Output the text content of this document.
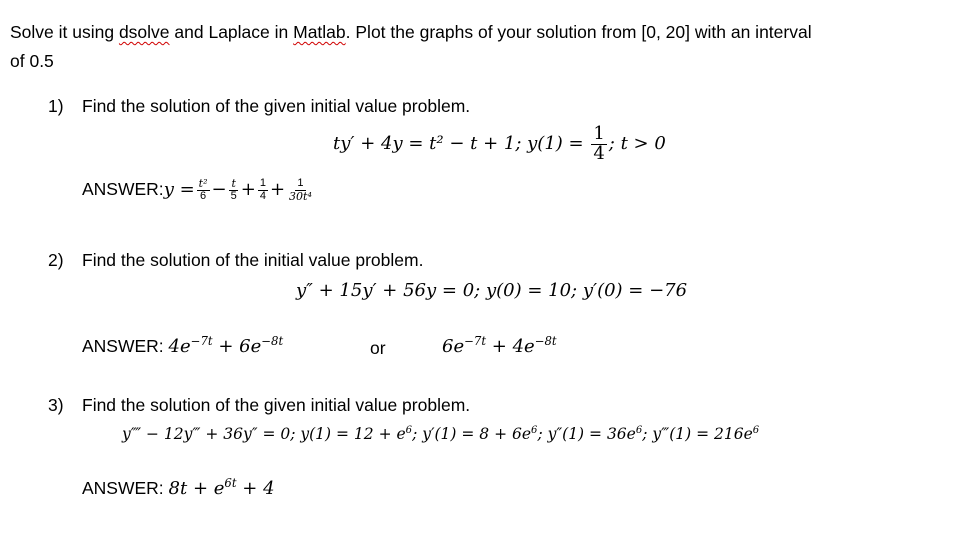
Solve it using dsolve and Laplace in Matlab. Plot the graphs of your solution from [0, 20] with an interval
of 0.5
1) Find the solution of the given initial value problem.
ty′ + 4y = t² − t + 1; $y(1) = \frac{1}{4}$ ; t > 0
ANSWER: $y = \frac{\text{t²}}{6} - \frac{t}{5} + \frac{1}{4} + \frac{1}{\text{30t⁴}}$
2) Find the solution of the initial value problem.
y″ + 15y′ + 56y = 0; y(0) = 10; y′(0) = −76
ANSWER: $4e^{-7t} + 6e^{-8t}$	or	$6e^{-7t} + 4e^{-8t}$
3) Find the solution of the given initial value problem.
y⁗ − 12y‴ + 36y″ = 0; $y(1) = 12 + e^6$; $y'(1) = 8 + 6e^6$; $y''(1) = 36e^6$; y‴(1) = $216e^6$
ANSWER: $8t + e^{6t} + 4$
